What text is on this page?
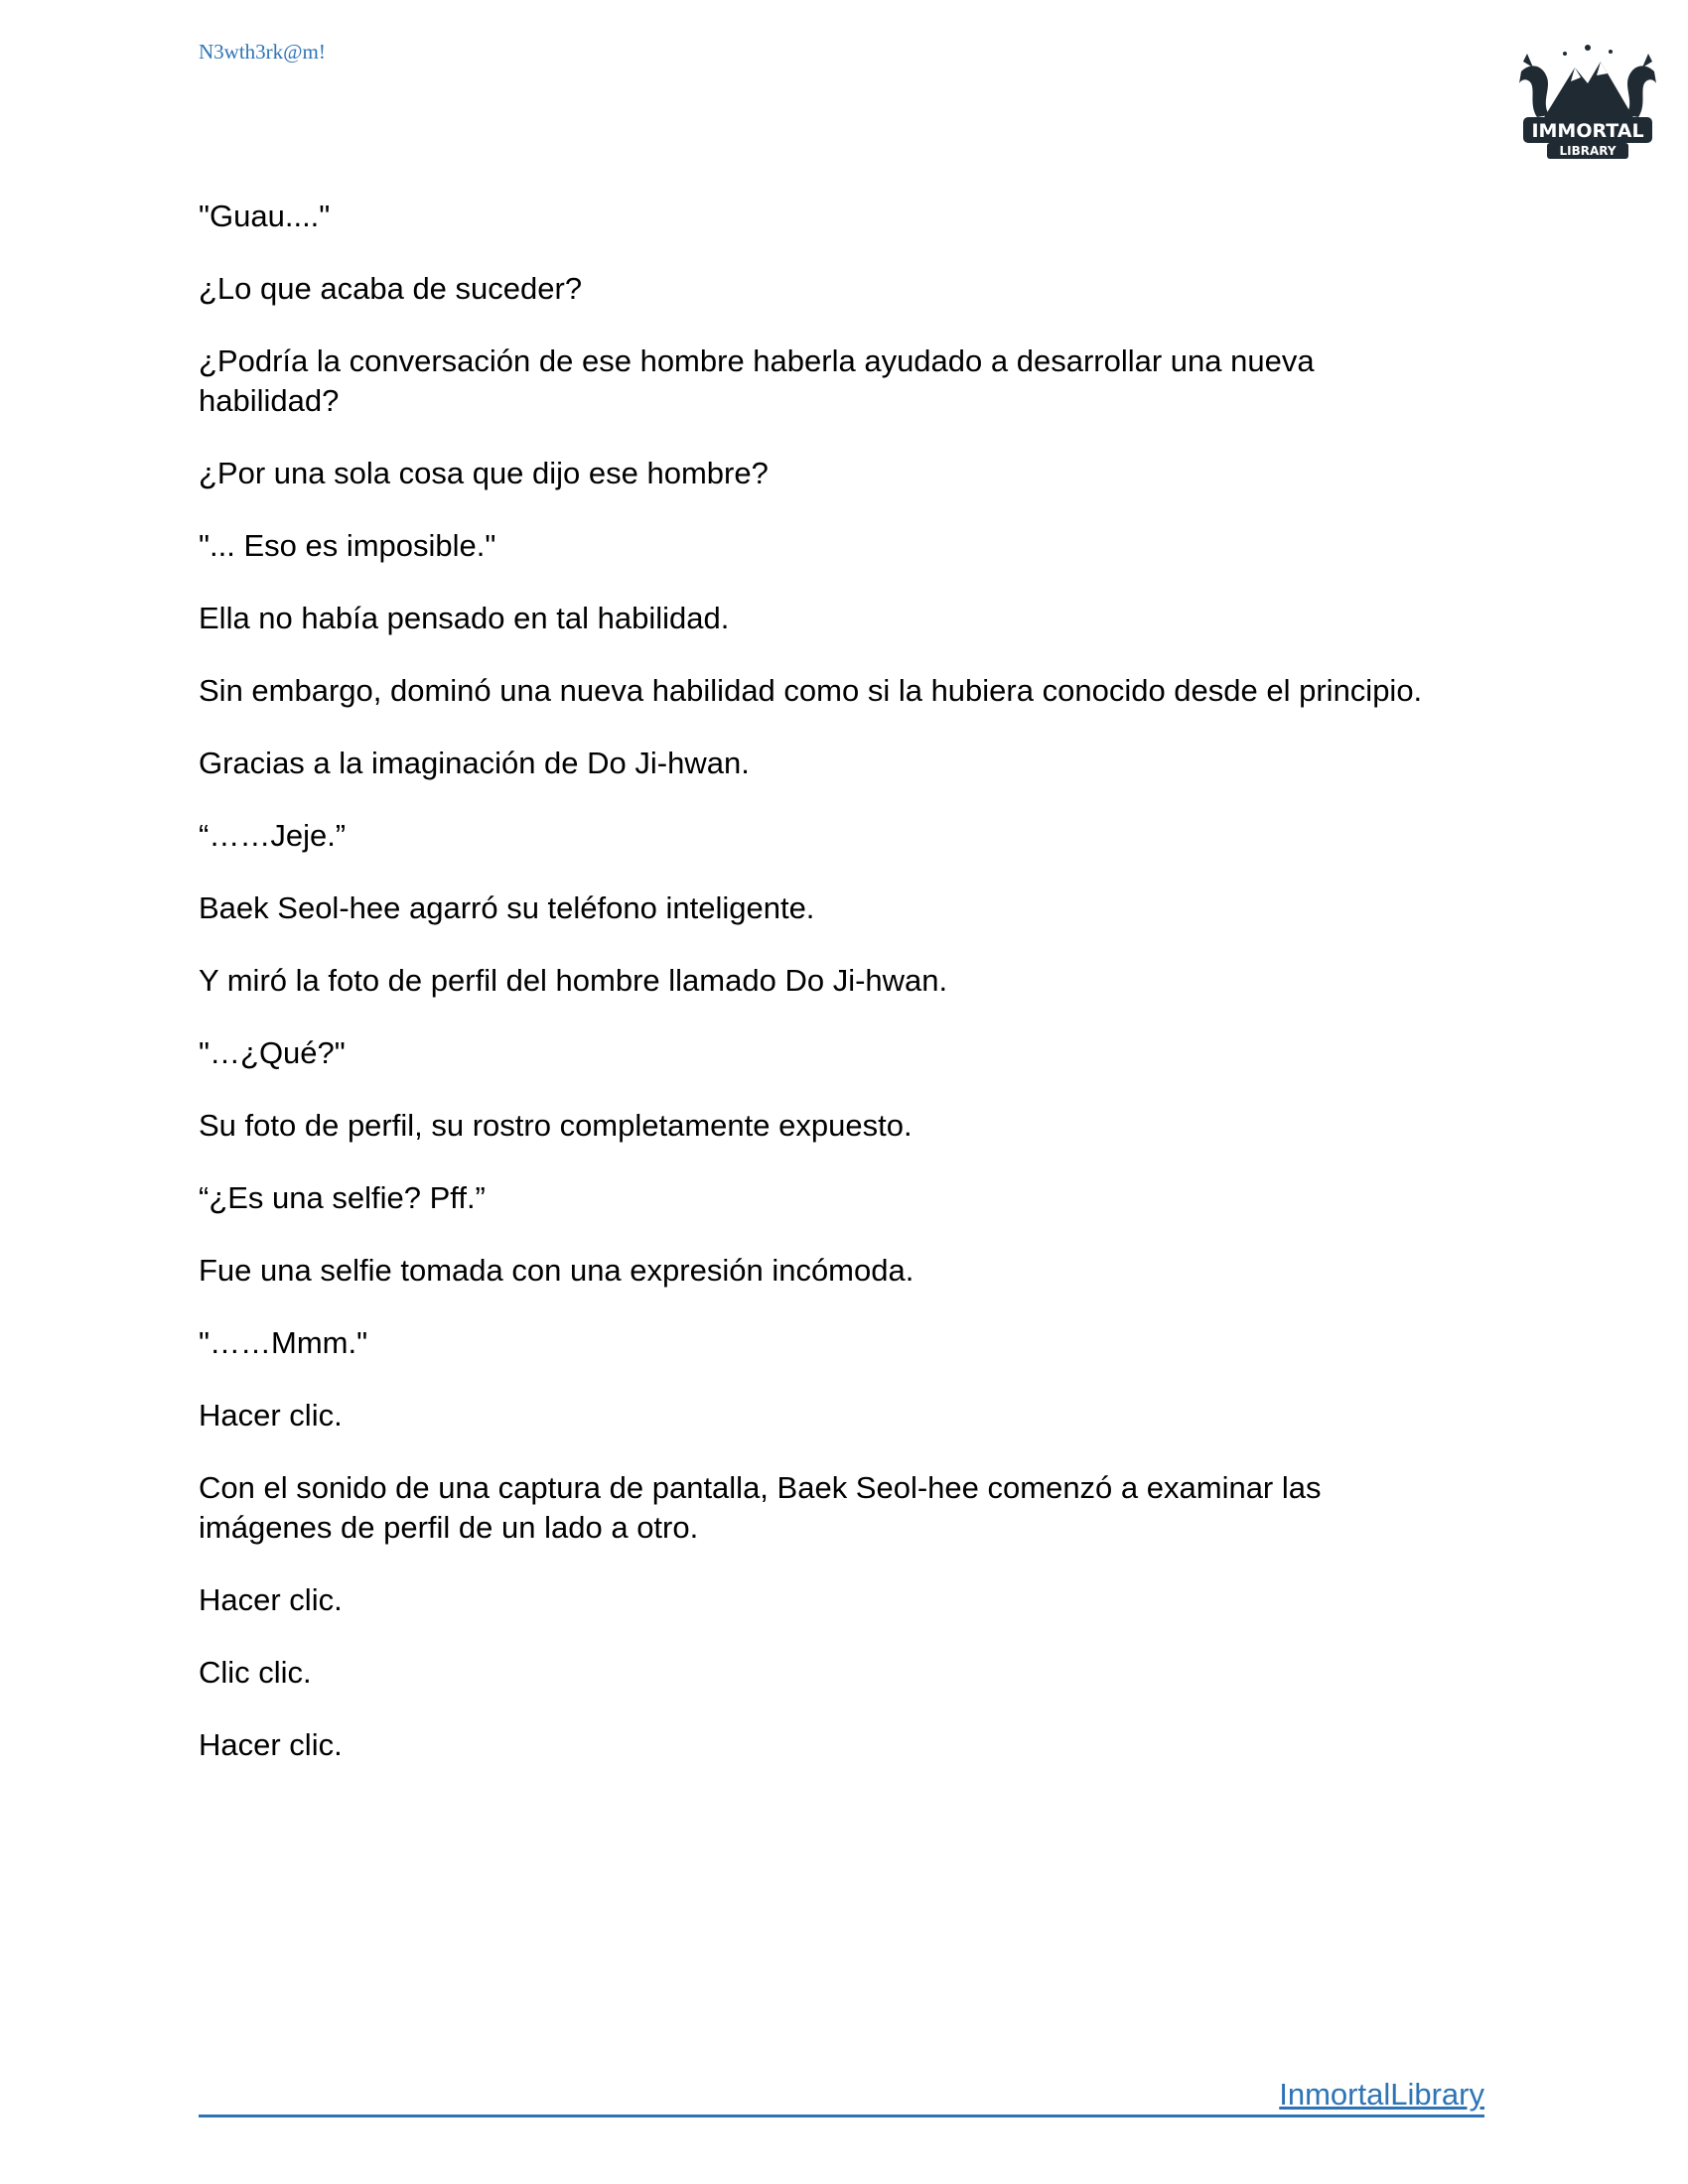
N3wth3rk@m!

IMMORTAL
LIBRARY

"Guau...."

¿Lo que acaba de suceder?

¿Podría la conversación de ese hombre haberla ayudado a desarrollar una nueva habilidad?

¿Por una sola cosa que dijo ese hombre?

"... Eso es imposible."

Ella no había pensado en tal habilidad.

Sin embargo, dominó una nueva habilidad como si la hubiera conocido desde el principio.

Gracias a la imaginación de Do Ji-hwan.

“……Jeje.”

Baek Seol-hee agarró su teléfono inteligente.

Y miró la foto de perfil del hombre llamado Do Ji-hwan.

"…¿Qué?"

Su foto de perfil, su rostro completamente expuesto.

“¿Es una selfie? Pff.”

Fue una selfie tomada con una expresión incómoda.

"……Mmm."

Hacer clic.

Con el sonido de una captura de pantalla, Baek Seol-hee comenzó a examinar las imágenes de perfil de un lado a otro.

Hacer clic.

Clic clic.

Hacer clic.

InmortalLibrary
